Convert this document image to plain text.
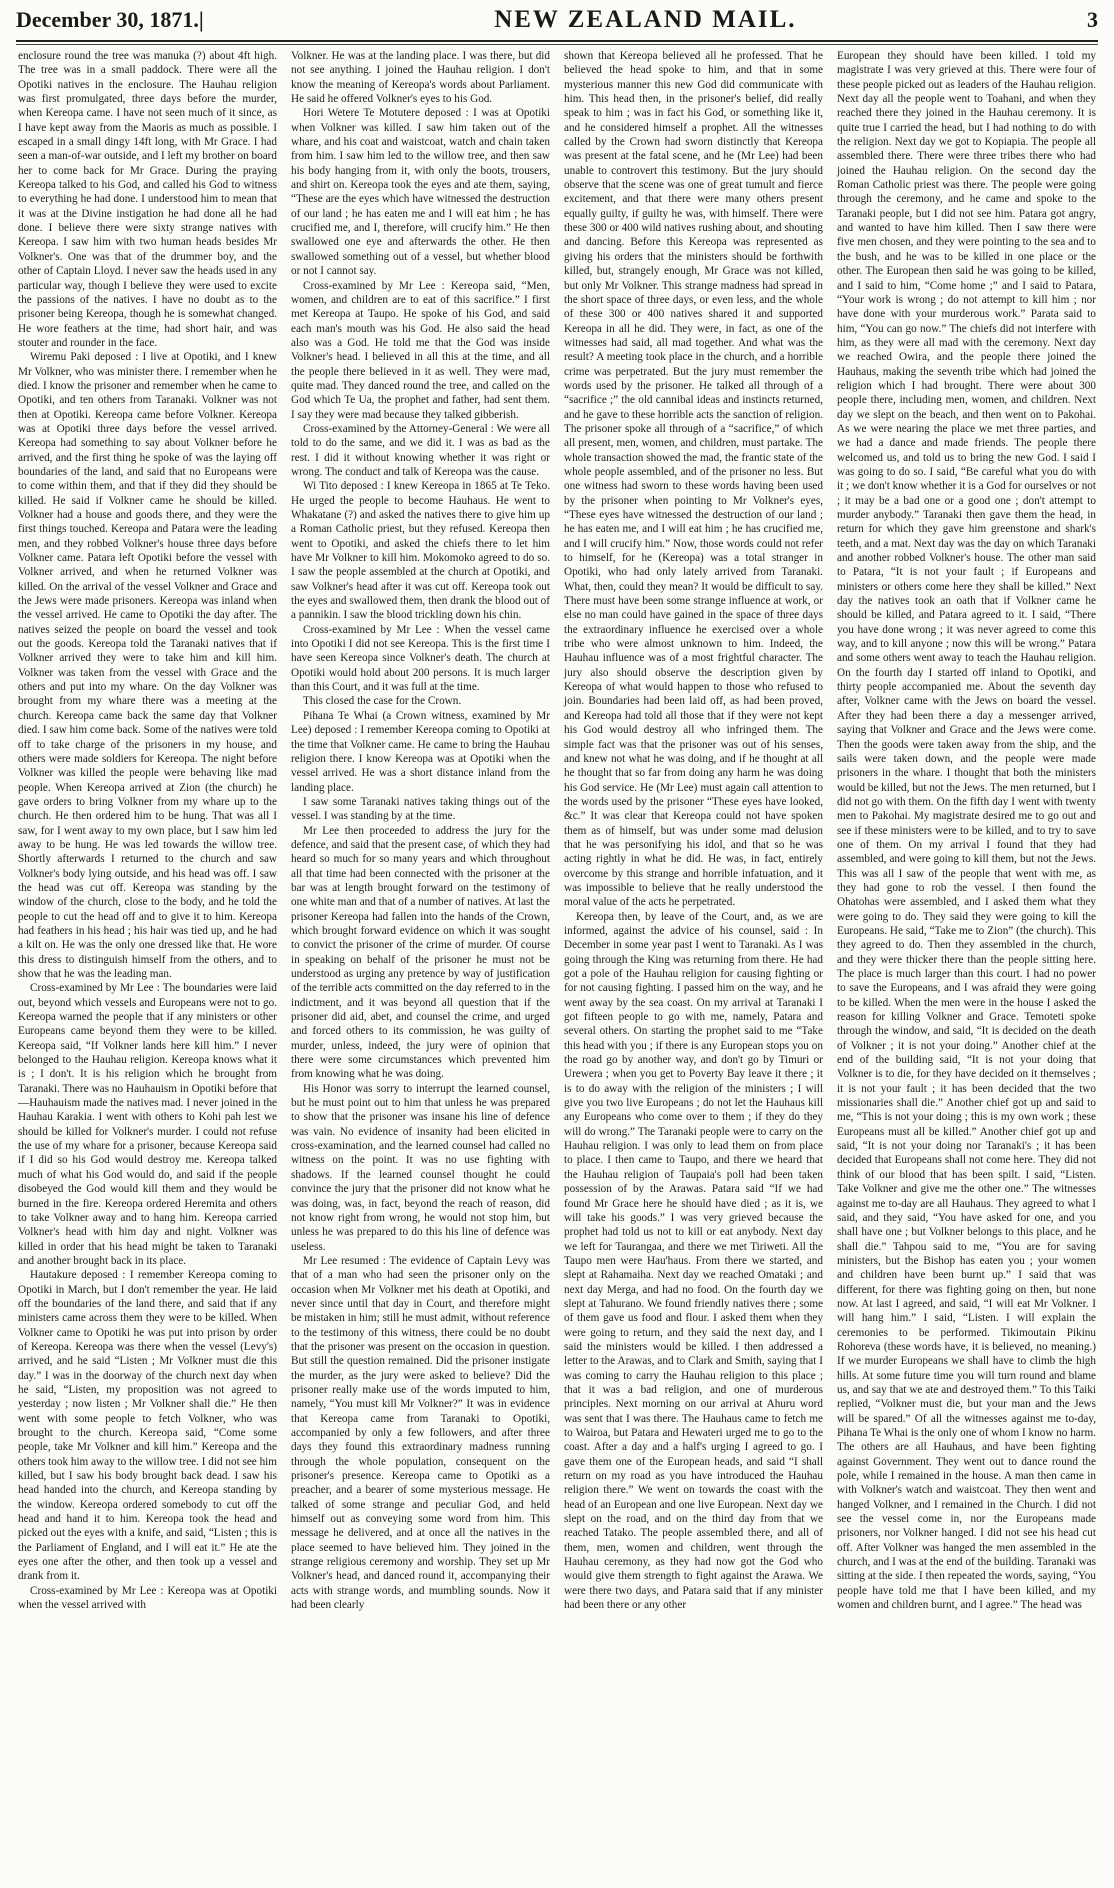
December 30, 1871.|	NEW ZEALAND MAIL.	3

enclosure round the tree was manuka (?) about 4ft high. The tree was in a small paddock. There were all the Opotiki natives in the enclosure. The Hauhau religion was first promulgated, three days before the murder, when Kereopa came. I have not seen much of it since, as I have kept away from the Maoris as much as possible. I escaped in a small dingy 14ft long, with Mr Grace. I had seen a man-of-war outside, and I left my brother on board her to come back for Mr Grace. During the praying Kereopa talked to his God, and called his God to witness to everything he had done. I understood him to mean that it was at the Divine instigation he had done all he had done. I believe there were sixty strange natives with Kereopa. I saw him with two human heads besides Mr Volkner's. One was that of the drummer boy, and the other of Captain Lloyd. I never saw the heads used in any particular way, though I believe they were used to excite the passions of the natives. I have no doubt as to the prisoner being Kereopa, though he is somewhat changed. He wore feathers at the time, had short hair, and was stouter and rounder in the face.

Wiremu Paki deposed : I live at Opotiki, and I knew Mr Volkner, who was minister there. I remember when he died. I know the prisoner and remember when he came to Opotiki, and ten others from Taranaki. Volkner was not then at Opotiki. Kereopa came before Volkner. Kereopa was at Opotiki three days before the vessel arrived. Kereopa had something to say about Volkner before he arrived, and the first thing he spoke of was the laying off boundaries of the land, and said that no Europeans were to come within them, and that if they did they should be killed. He said if Volkner came he should be killed. Volkner had a house and goods there, and they were the first things touched. Kereopa and Patara were the leading men, and they robbed Volkner's house three days before Volkner came. Patara left Opotiki before the vessel with Volkner arrived, and when he returned Volkner was killed. On the arrival of the vessel Volkner and Grace and the Jews were made prisoners. Kereopa was inland when the vessel arrived. He came to Opotiki the day after. The natives seized the people on board the vessel and took out the goods. Kereopa told the Taranaki natives that if Volkner arrived they were to take him and kill him. Volkner was taken from the vessel with Grace and the others and put into my whare. On the day Volkner was brought from my whare there was a meeting at the church. Kereopa came back the same day that Volkner died. I saw him come back. Some of the natives were told off to take charge of the prisoners in my house, and others were made soldiers for Kereopa. The night before Volkner was killed the people were behaving like mad people. When Kereopa arrived at Zion (the church) he gave orders to bring Volkner from my whare up to the church. He then ordered him to be hung. That was all I saw, for I went away to my own place, but I saw him led away to be hung. He was led towards the willow tree. Shortly afterwards I returned to the church and saw Volkner's body lying outside, and his head was off. I saw the head was cut off. Kereopa was standing by the window of the church, close to the body, and he told the people to cut the head off and to give it to him. Kereopa had feathers in his head ; his hair was tied up, and he had a kilt on. He was the only one dressed like that. He wore this dress to distinguish himself from the others, and to show that he was the leading man.

Cross-examined by Mr Lee : The boundaries were laid out, beyond which vessels and Europeans were not to go. Kereopa warned the people that if any ministers or other Europeans came beyond them they were to be killed. Kereopa said, “If Volkner lands here kill him.” I never belonged to the Hauhau religion. Kereopa knows what it is ; I don't. It is his religion which he brought from Taranaki. There was no Hauhauism in Opotiki before that—Hauhauism made the natives mad. I never joined in the Hauhau Karakia. I went with others to Kohi pah lest we should be killed for Volkner's murder. I could not refuse the use of my whare for a prisoner, because Kereopa said if I did so his God would destroy me. Kereopa talked much of what his God would do, and said if the people disobeyed the God would kill them and they would be burned in the fire. Kereopa ordered Heremita and others to take Volkner away and to hang him. Kereopa carried Volkner's head with him day and night. Volkner was killed in order that his head might be taken to Taranaki and another brought back in its place.

Hautakure deposed : I remember Kereopa coming to Opotiki in March, but I don't remember the year. He laid off the boundaries of the land there, and said that if any ministers came across them they were to be killed. When Volkner came to Opotiki he was put into prison by order of Kereopa. Kereopa was there when the vessel (Levy's) arrived, and he said “Listen ; Mr Volkner must die this day.” I was in the doorway of the church next day when he said, “Listen, my proposition was not agreed to yesterday ; now listen ; Mr Volkner shall die.” He then went with some people to fetch Volkner, who was brought to the church. Kereopa said, “Come some people, take Mr Volkner and kill him.” Kereopa and the others took him away to the willow tree. I did not see him killed, but I saw his body brought back dead. I saw his head handed into the church, and Kereopa standing by the window. Kereopa ordered somebody to cut off the head and hand it to him. Kereopa took the head and picked out the eyes with a knife, and said, “Listen ; this is the Parliament of England, and I will eat it.” He ate the eyes one after the other, and then took up a vessel and drank from it.

Cross-examined by Mr Lee : Kereopa was at Opotiki when the vessel arrived with

Volkner. He was at the landing place. I was there, but did not see anything. I joined the Hauhau religion. I don't know the meaning of Kereopa's words about Parliament. He said he offered Volkner's eyes to his God.

Hori Wetere Te Motutere deposed : I was at Opotiki when Volkner was killed. I saw him taken out of the whare, and his coat and waistcoat, watch and chain taken from him. I saw him led to the willow tree, and then saw his body hanging from it, with only the boots, trousers, and shirt on. Kereopa took the eyes and ate them, saying, “These are the eyes which have witnessed the destruction of our land ; he has eaten me and I will eat him ; he has crucified me, and I, therefore, will crucify him.” He then swallowed one eye and afterwards the other. He then swallowed something out of a vessel, but whether blood or not I cannot say.

Cross-examined by Mr Lee : Kereopa said, “Men, women, and children are to eat of this sacrifice.” I first met Kereopa at Taupo. He spoke of his God, and said each man's mouth was his God. He also said the head also was a God. He told me that the God was inside Volkner's head. I believed in all this at the time, and all the people there believed in it as well. They were mad, quite mad. They danced round the tree, and called on the God which Te Ua, the prophet and father, had sent them. I say they were mad because they talked gibberish.

Cross-examined by the Attorney-General : We were all told to do the same, and we did it. I was as bad as the rest. I did it without knowing whether it was right or wrong. The conduct and talk of Kereopa was the cause.

Wi Tito deposed : I knew Kereopa in 1865 at Te Teko. He urged the people to become Hauhaus. He went to Whakatane (?) and asked the natives there to give him up a Roman Catholic priest, but they refused. Kereopa then went to Opotiki, and asked the chiefs there to let him have Mr Volkner to kill him. Mokomoko agreed to do so. I saw the people assembled at the church at Opotiki, and saw Volkner's head after it was cut off. Kereopa took out the eyes and swallowed them, then drank the blood out of a pannikin. I saw the blood trickling down his chin.

Cross-examined by Mr Lee : When the vessel came into Opotiki I did not see Kereopa. This is the first time I have seen Kereopa since Volkner's death. The church at Opotiki would hold about 200 persons. It is much larger than this Court, and it was full at the time.

This closed the case for the Crown.

Pihana Te Whai (a Crown witness, examined by Mr Lee) deposed : I remember Kereopa coming to Opotiki at the time that Volkner came. He came to bring the Hauhau religion there. I know Kereopa was at Opotiki when the vessel arrived. He was a short distance inland from the landing place.

I saw some Taranaki natives taking things out of the vessel. I was standing by at the time.

Mr Lee then proceeded to address the jury for the defence, and said that the present case, of which they had heard so much for so many years and which throughout all that time had been connected with the prisoner at the bar was at length brought forward on the testimony of one white man and that of a number of natives. At last the prisoner Kereopa had fallen into the hands of the Crown, which brought forward evidence on which it was sought to convict the prisoner of the crime of murder. Of course in speaking on behalf of the prisoner he must not be understood as urging any pretence by way of justification of the terrible acts committed on the day referred to in the indictment, and it was beyond all question that if the prisoner did aid, abet, and counsel the crime, and urged and forced others to its commission, he was guilty of murder, unless, indeed, the jury were of opinion that there were some circumstances which prevented him from knowing what he was doing.

His Honor was sorry to interrupt the learned counsel, but he must point out to him that unless he was prepared to show that the prisoner was insane his line of defence was vain. No evidence of insanity had been elicited in cross-examination, and the learned counsel had called no witness on the point. It was no use fighting with shadows. If the learned counsel thought he could convince the jury that the prisoner did not know what he was doing, was, in fact, beyond the reach of reason, did not know right from wrong, he would not stop him, but unless he was prepared to do this his line of defence was useless.

Mr Lee resumed : The evidence of Captain Levy was that of a man who had seen the prisoner only on the occasion when Mr Volkner met his death at Opotiki, and never since until that day in Court, and therefore might be mistaken in him; still he must admit, without reference to the testimony of this witness, there could be no doubt that the prisoner was present on the occasion in question. But still the question remained. Did the prisoner instigate the murder, as the jury were asked to believe? Did the prisoner really make use of the words imputed to him, namely, “You must kill Mr Volkner?” It was in evidence that Kereopa came from Taranaki to Opotiki, accompanied by only a few followers, and after three days they found this extraordinary madness running through the whole population, consequent on the prisoner's presence. Kereopa came to Opotiki as a preacher, and a bearer of some mysterious message. He talked of some strange and peculiar God, and held himself out as conveying some word from him. This message he delivered, and at once all the natives in the place seemed to have believed him. They joined in the strange religious ceremony and worship. They set up Mr Volkner's head, and danced round it, accompanying their acts with strange words, and mumbling sounds. Now it had been clearly

shown that Kereopa believed all he professed. That he believed the head spoke to him, and that in some mysterious manner this new God did communicate with him. This head then, in the prisoner's belief, did really speak to him ; was in fact his God, or something like it, and he considered himself a prophet. All the witnesses called by the Crown had sworn distinctly that Kereopa was present at the fatal scene, and he (Mr Lee) had been unable to controvert this testimony. But the jury should observe that the scene was one of great tumult and fierce excitement, and that there were many others present equally guilty, if guilty he was, with himself. There were these 300 or 400 wild natives rushing about, and shouting and dancing. Before this Kereopa was represented as giving his orders that the ministers should be forthwith killed, but, strangely enough, Mr Grace was not killed, but only Mr Volkner. This strange madness had spread in the short space of three days, or even less, and the whole of these 300 or 400 natives shared it and supported Kereopa in all he did. They were, in fact, as one of the witnesses had said, all mad together. And what was the result? A meeting took place in the church, and a horrible crime was perpetrated. But the jury must remember the words used by the prisoner. He talked all through of a “sacrifice ;” the old cannibal ideas and instincts returned, and he gave to these horrible acts the sanction of religion. The prisoner spoke all through of a “sacrifice,” of which all present, men, women, and children, must partake. The whole transaction showed the mad, the frantic state of the whole people assembled, and of the prisoner no less. But one witness had sworn to these words having been used by the prisoner when pointing to Mr Volkner's eyes, “These eyes have witnessed the destruction of our land ; he has eaten me, and I will eat him ; he has crucified me, and I will crucify him.” Now, those words could not refer to himself, for he (Kereopa) was a total stranger in Opotiki, who had only lately arrived from Taranaki. What, then, could they mean? It would be difficult to say. There must have been some strange influence at work, or else no man could have gained in the space of three days the extraordinary influence he exercised over a whole tribe who were almost unknown to him. Indeed, the Hauhau influence was of a most frightful character. The jury also should observe the description given by Kereopa of what would happen to those who refused to join. Boundaries had been laid off, as had been proved, and Kereopa had told all those that if they were not kept his God would destroy all who infringed them. The simple fact was that the prisoner was out of his senses, and knew not what he was doing, and if he thought at all he thought that so far from doing any harm he was doing his God service. He (Mr Lee) must again call attention to the words used by the prisoner “These eyes have looked, &c.” It was clear that Kereopa could not have spoken them as of himself, but was under some mad delusion that he was personifying his idol, and that so he was acting rightly in what he did. He was, in fact, entirely overcome by this strange and horrible infatuation, and it was impossible to believe that he really understood the moral value of the acts he perpetrated.

Kereopa then, by leave of the Court, and, as we are informed, against the advice of his counsel, said : In December in some year past I went to Taranaki. As I was going through the King was returning from there. He had got a pole of the Hauhau religion for causing fighting or for not causing fighting. I passed him on the way, and he went away by the sea coast. On my arrival at Taranaki I got fifteen people to go with me, namely, Patara and several others. On starting the prophet said to me “Take this head with you ; if there is any European stops you on the road go by another way, and don't go by Timuri or Urewera ; when you get to Poverty Bay leave it there ; it is to do away with the religion of the ministers ; I will give you two live Europeans ; do not let the Hauhaus kill any Europeans who come over to them ; if they do they will do wrong.” The Taranaki people were to carry on the Hauhau religion. I was only to lead them on from place to place. I then came to Taupo, and there we heard that the Hauhau religion of Taupaia's poll had been taken possession of by the Arawas. Patara said “If we had found Mr Grace here he should have died ; as it is, we will take his goods.” I was very grieved because the prophet had told us not to kill or eat anybody. Next day we left for Taurangaa, and there we met Tiriweti. All the Taupo men were Hau'haus. From there we started, and slept at Rahamaiha. Next day we reached Omataki ; and next day Merga, and had no food. On the fourth day we slept at Tahurano. We found friendly natives there ; some of them gave us food and flour. I asked them when they were going to return, and they said the next day, and I said the ministers would be killed. I then addressed a letter to the Arawas, and to Clark and Smith, saying that I was coming to carry the Hauhau religion to this place ; that it was a bad religion, and one of murderous principles. Next morning on our arrival at Ahuru word was sent that I was there. The Hauhaus came to fetch me to Wairoa, but Patara and Hewateri urged me to go to the coast. After a day and a half's urging I agreed to go. I gave them one of the European heads, and said “I shall return on my road as you have introduced the Hauhau religion there.” We went on towards the coast with the head of an European and one live European. Next day we slept on the road, and on the third day from that we reached Tatako. The people assembled there, and all of them, men, women and children, went through the Hauhau ceremony, as they had now got the God who would give them strength to fight against the Arawa. We were there two days, and Patara said that if any minister had been there or any other

European they should have been killed. I told my magistrate I was very grieved at this. There were four of these people picked out as leaders of the Hauhau religion. Next day all the people went to Toahani, and when they reached there they joined in the Hauhau ceremony. It is quite true I carried the head, but I had nothing to do with the religion. Next day we got to Kopiapia. The people all assembled there. There were three tribes there who had joined the Hauhau religion. On the second day the Roman Catholic priest was there. The people were going through the ceremony, and he came and spoke to the Taranaki people, but I did not see him. Patara got angry, and wanted to have him killed. Then I saw there were five men chosen, and they were pointing to the sea and to the bush, and he was to be killed in one place or the other. The European then said he was going to be killed, and I said to him, “Come home ;” and I said to Patara, “Your work is wrong ; do not attempt to kill him ; nor have done with your murderous work.” Parata said to him, “You can go now.” The chiefs did not interfere with him, as they were all mad with the ceremony. Next day we reached Owira, and the people there joined the Hauhaus, making the seventh tribe which had joined the religion which I had brought. There were about 300 people there, including men, women, and children. Next day we slept on the beach, and then went on to Pakohai. As we were nearing the place we met three parties, and we had a dance and made friends. The people there welcomed us, and told us to bring the new God. I said I was going to do so. I said, “Be careful what you do with it ; we don't know whether it is a God for ourselves or not ; it may be a bad one or a good one ; don't attempt to murder anybody.” Taranaki then gave them the head, in return for which they gave him greenstone and shark's teeth, and a mat. Next day was the day on which Taranaki and another robbed Volkner's house. The other man said to Patara, “It is not your fault ; if Europeans and ministers or others come here they shall be killed.” Next day the natives took an oath that if Volkner came he should be killed, and Patara agreed to it. I said, “There you have done wrong ; it was never agreed to come this way, and to kill anyone ; now this will be wrong.” Patara and some others went away to teach the Hauhau religion. On the fourth day I started off inland to Opotiki, and thirty people accompanied me. About the seventh day after, Volkner came with the Jews on board the vessel. After they had been there a day a messenger arrived, saying that Volkner and Grace and the Jews were come. Then the goods were taken away from the ship, and the sails were taken down, and the people were made prisoners in the whare. I thought that both the ministers would be killed, but not the Jews. The men returned, but I did not go with them. On the fifth day I went with twenty men to Pakohai. My magistrate desired me to go out and see if these ministers were to be killed, and to try to save one of them. On my arrival I found that they had assembled, and were going to kill them, but not the Jews. This was all I saw of the people that went with me, as they had gone to rob the vessel. I then found the Ohatohas were assembled, and I asked them what they were going to do. They said they were going to kill the Europeans. He said, “Take me to Zion” (the church). This they agreed to do. Then they assembled in the church, and they were thicker there than the people sitting here. The place is much larger than this court. I had no power to save the Europeans, and I was afraid they were going to be killed. When the men were in the house I asked the reason for killing Volkner and Grace. Temoteti spoke through the window, and said, “It is decided on the death of Volkner ; it is not your doing.” Another chief at the end of the building said, “It is not your doing that Volkner is to die, for they have decided on it themselves ; it is not your fault ; it has been decided that the two missionaries shall die.” Another chief got up and said to me, “This is not your doing ; this is my own work ; these Europeans must all be killed.” Another chief got up and said, “It is not your doing nor Taranaki's ; it has been decided that Europeans shall not come here. They did not think of our blood that has been spilt. I said, “Listen. Take Volkner and give me the other one.” The witnesses against me to-day are all Hauhaus. They agreed to what I said, and they said, “You have asked for one, and you shall have one ; but Volkner belongs to this place, and he shall die.” Tahpou said to me, “You are for saving ministers, but the Bishop has eaten you ; your women and children have been burnt up.” I said that was different, for there was fighting going on then, but none now. At last I agreed, and said, “I will eat Mr Volkner. I will hang him.” I said, “Listen. I will explain the ceremonies to be performed. Tikimoutain Pikinu Rohoreva (these words have, it is believed, no meaning.) If we murder Europeans we shall have to climb the high hills. At some future time you will turn round and blame us, and say that we ate and destroyed them.” To this Taiki replied, “Volkner must die, but your man and the Jews will be spared.” Of all the witnesses against me to-day, Pihana Te Whai is the only one of whom I know no harm. The others are all Hauhaus, and have been fighting against Government. They went out to dance round the pole, while I remained in the house. A man then came in with Volkner's watch and waistcoat. They then went and hanged Volkner, and I remained in the Church. I did not see the vessel come in, nor the Europeans made prisoners, nor Volkner hanged. I did not see his head cut off. After Volkner was hanged the men assembled in the church, and I was at the end of the building. Taranaki was sitting at the side. I then repeated the words, saying, “You people have told me that I have been killed, and my women and children burnt, and I agree.” The head was
